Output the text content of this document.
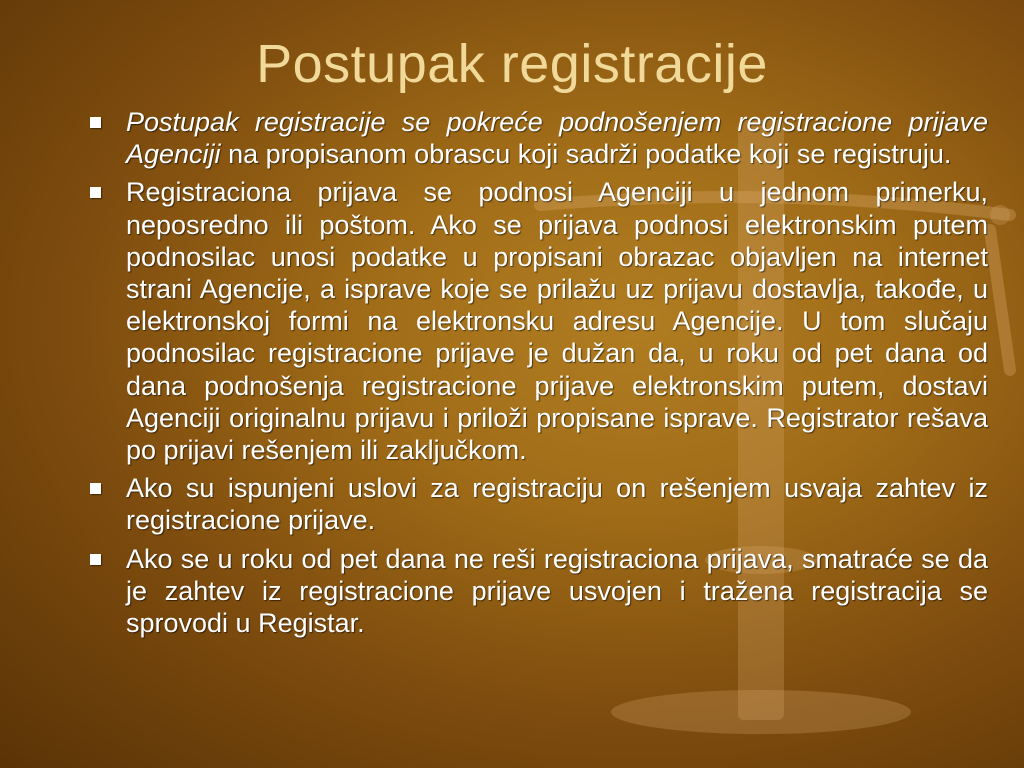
Postupak registracije
Postupak registracije se pokreće podnošenjem registracione prijave Agenciji na propisanom obrascu koji sadrži podatke koji se registruju.
Registraciona prijava se podnosi Agenciji u jednom primerku, neposredno ili poštom. Ako se prijava podnosi elektronskim putem podnosilac unosi podatke u propisani obrazac objavljen na internet strani Agencije, a isprave koje se prilažu uz prijavu dostavlja, takođe, u elektronskoj formi na elektronsku adresu Agencije. U tom slučaju podnosilac registracione prijave je dužan da, u roku od pet dana od dana podnošenja registracione prijave elektronskim putem, dostavi Agenciji originalnu prijavu i priloži propisane isprave. Registrator rešava po prijavi rešenjem ili zaključkom.
Ako su ispunjeni uslovi za registraciju on rešenjem usvaja zahtev iz registracione prijave.
Ako se u roku od pet dana ne reši registraciona prijava, smatraće se da je zahtev iz registracione prijave usvojen i tražena registracija se sprovodi u Registar.
